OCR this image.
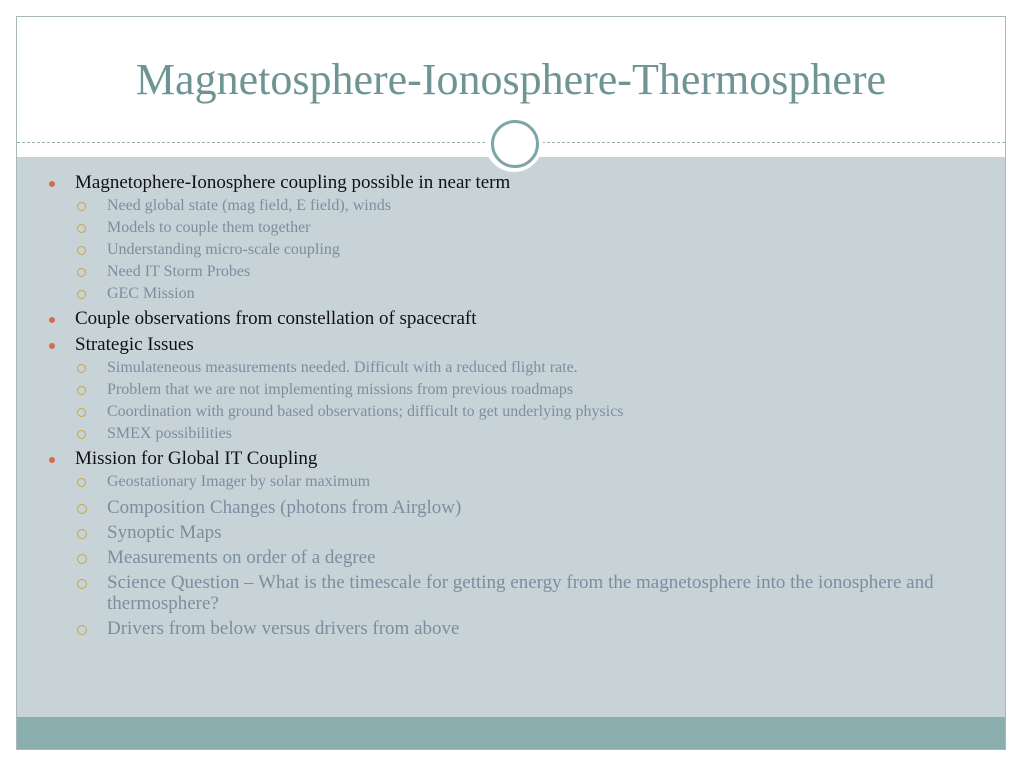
Magnetosphere-Ionosphere-Thermosphere
Magnetophere-Ionosphere coupling possible in near term
Need global state (mag field, E field), winds
Models to couple them together
Understanding micro-scale coupling
Need IT Storm Probes
GEC Mission
Couple observations from constellation of spacecraft
Strategic Issues
Simulateneous measurements needed. Difficult with a reduced flight rate.
Problem that we are not implementing missions from previous roadmaps
Coordination with ground based observations; difficult to get underlying physics
SMEX possibilities
Mission for Global IT Coupling
Geostationary Imager by solar maximum
Composition Changes (photons from Airglow)
Synoptic Maps
Measurements on order of a degree
Science Question – What is the timescale for getting energy from the magnetosphere into the ionosphere and thermosphere?
Drivers from below versus drivers from above
